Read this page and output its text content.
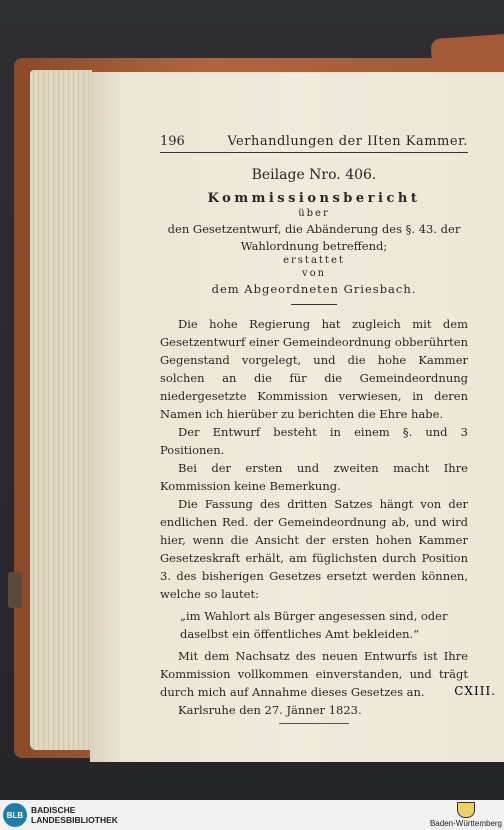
196	Verhandlungen der IIten Kammer.
Beilage Nro. 406.
Kommissionsbericht
über
den Gesetzentwurf, die Abänderung des §. 43. der
Wahlordnung betreffend;
erstattet
von
dem Abgeordneten Griesbach.

Die hohe Regierung hat zugleich mit dem Gesetzentwurf einer Gemeindeordnung obberührten Gegenstand vorgelegt, und die hohe Kammer solchen an die für die Gemeindeordnung niedergesetzte Kommission verwiesen, in deren Namen ich hierüber zu berichten die Ehre habe.

Der Entwurf besteht in einem §. und 3 Positionen.

Bei der ersten und zweiten macht Ihre Kommission keine Bemerkung.

Die Fassung des dritten Satzes hängt von der endlichen Red. der Gemeindeordnung ab, und wird hier, wenn die Ansicht der ersten hohen Kammer Gesetzeskraft erhält, am füglichsten durch Position 3. des bisherigen Gesetzes ersetzt werden können, welche so lautet:

„im Wahlort als Bürger angesessen sind, oder daselbst ein öffentliches Amt bekleiden.“

Mit dem Nachsatz des neuen Entwurfs ist Ihre Kommission vollkommen einverstanden, und trägt durch mich auf Annahme dieses Gesetzes an.

Karlsruhe den 27. Jänner 1823.
CXIII.
BLB BADISCHE
LANDESBIBLIOTHEK	Baden-Württemberg
